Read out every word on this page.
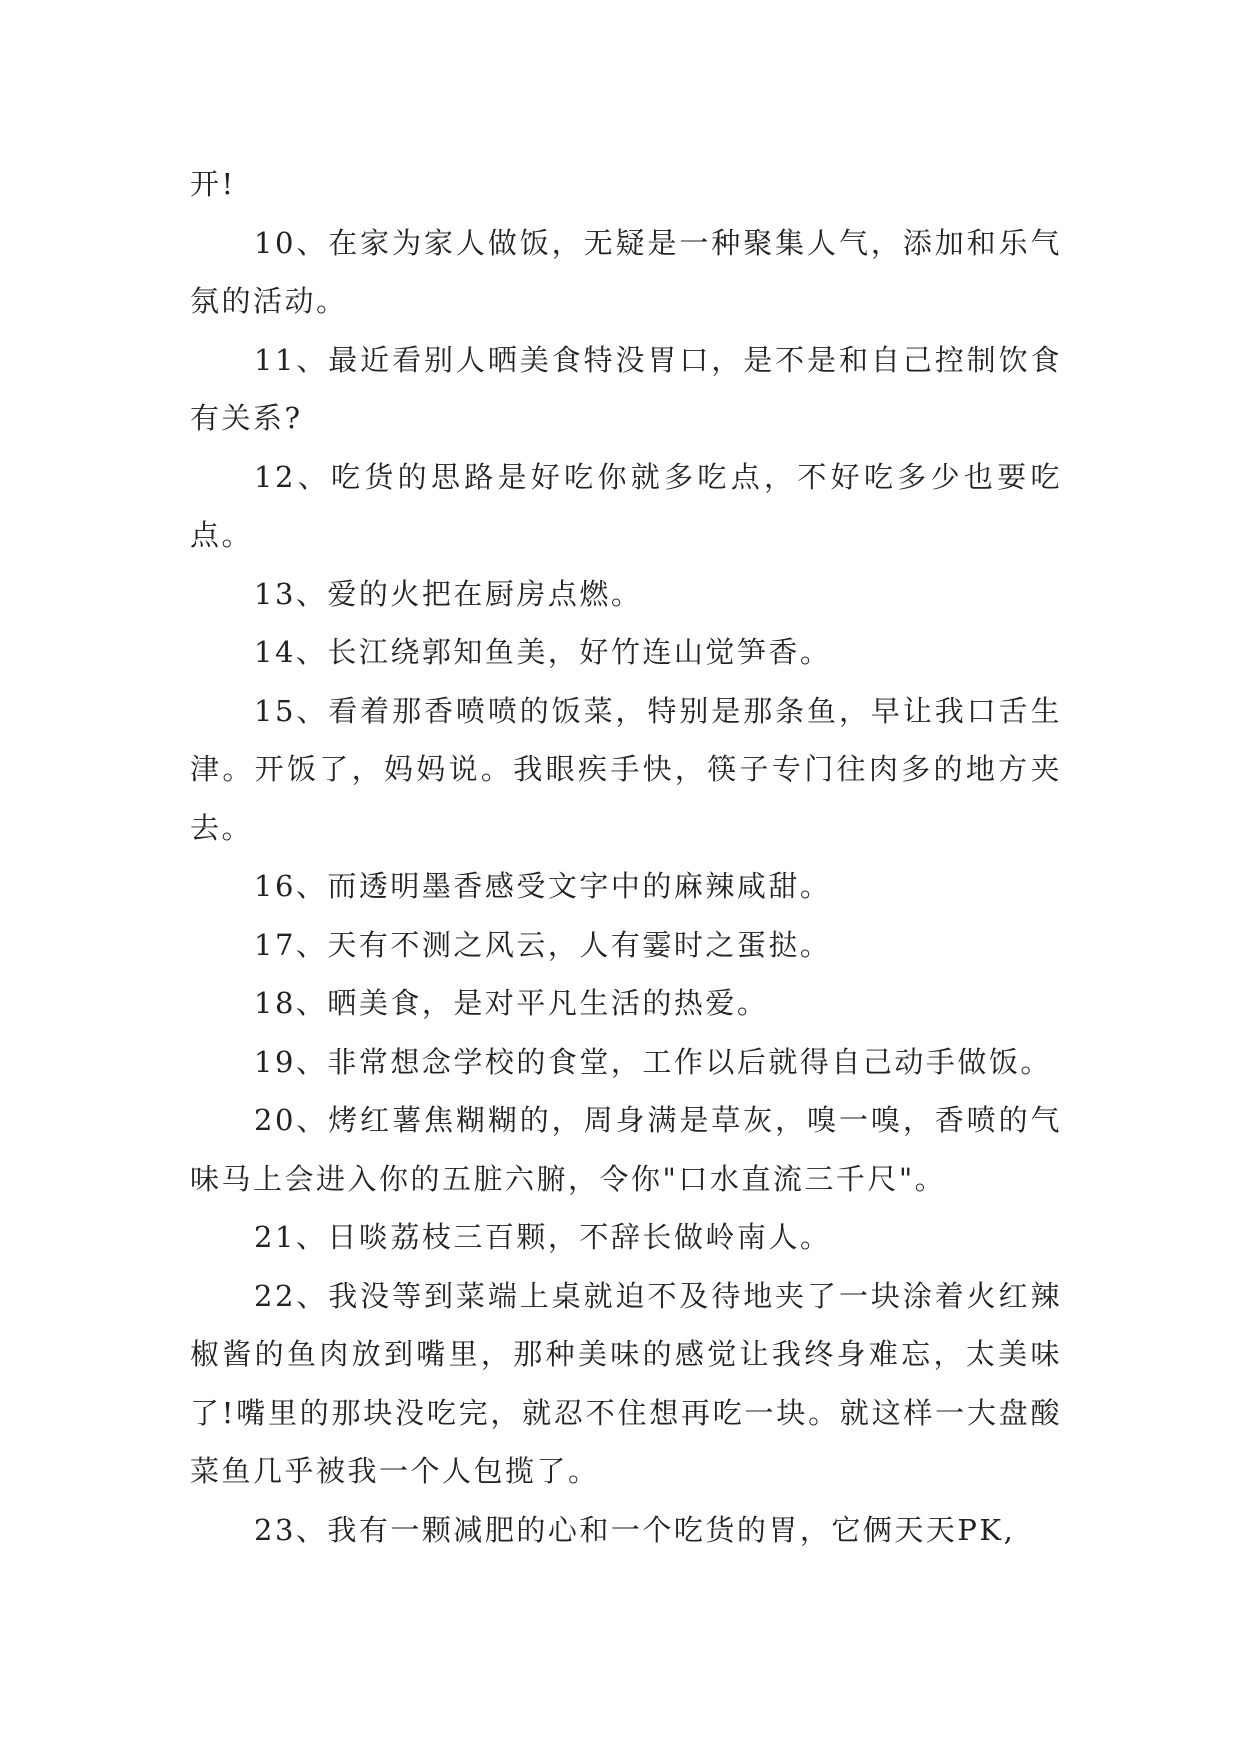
开!

10、在家为家人做饭，无疑是一种聚集人气，添加和乐气氛的活动。

11、最近看别人晒美食特没胃口，是不是和自己控制饮食有关系?

12、吃货的思路是好吃你就多吃点，不好吃多少也要吃点。

13、爱的火把在厨房点燃。

14、长江绕郭知鱼美，好竹连山觉笋香。

15、看着那香喷喷的饭菜，特别是那条鱼，早让我口舌生津。开饭了，妈妈说。我眼疾手快，筷子专门往肉多的地方夹去。

16、而透明墨香感受文字中的麻辣咸甜。

17、天有不测之风云，人有霎时之蛋挞。

18、晒美食，是对平凡生活的热爱。

19、非常想念学校的食堂，工作以后就得自己动手做饭。

20、烤红薯焦糊糊的，周身满是草灰，嗅一嗅，香喷的气味马上会进入你的五脏六腑，令你"口水直流三千尺"。

21、日啖荔枝三百颗，不辞长做岭南人。

22、我没等到菜端上桌就迫不及待地夹了一块涂着火红辣椒酱的鱼肉放到嘴里，那种美味的感觉让我终身难忘，太美味了!嘴里的那块没吃完，就忍不住想再吃一块。就这样一大盘酸菜鱼几乎被我一个人包揽了。

23、我有一颗减肥的心和一个吃货的胃，它俩天天PK,
